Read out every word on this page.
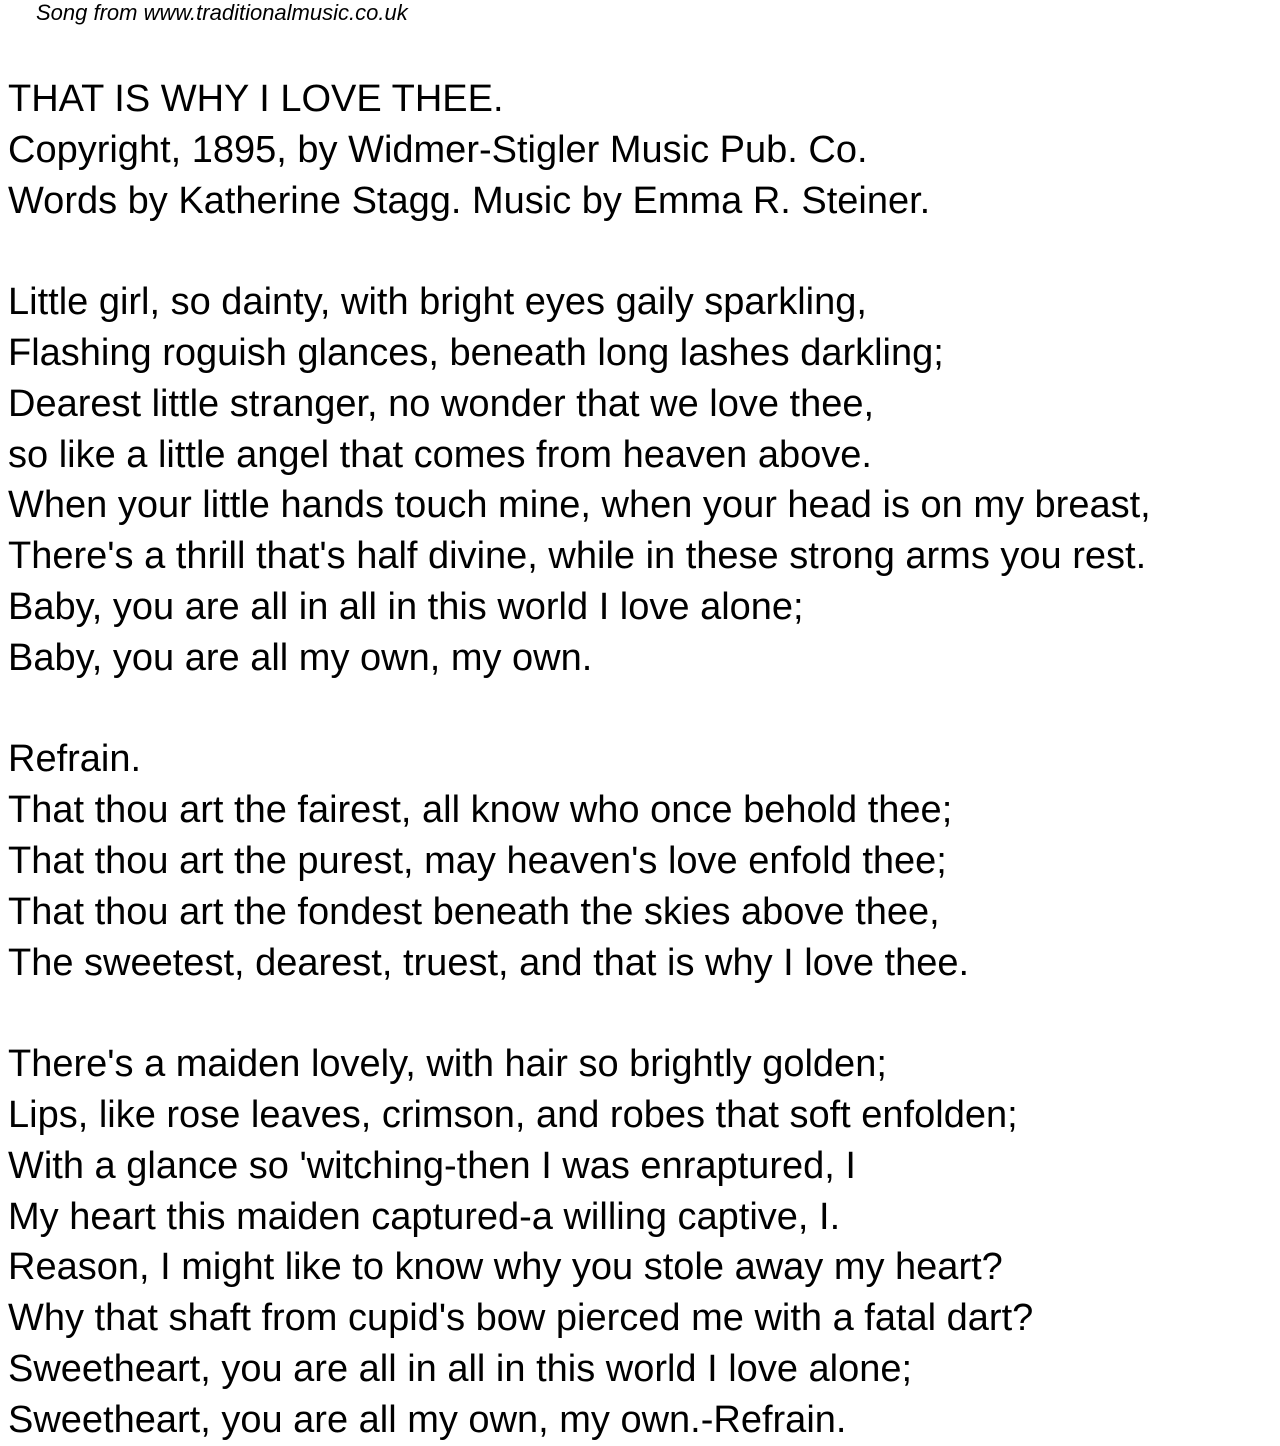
Song from www.traditionalmusic.co.uk
THAT IS WHY I LOVE THEE.
Copyright, 1895, by Widmer-Stigler Music Pub. Co.
Words by Katherine Stagg. Music by Emma R. Steiner.
Little girl, so dainty, with bright eyes gaily sparkling,
Flashing roguish glances, beneath long lashes darkling;
Dearest little stranger, no wonder that we love thee,
so like a little angel that comes from heaven above.
When your little hands touch mine, when your head is on my breast,
There's a thrill that's half divine, while in these strong arms you rest.
Baby, you are all in all in this world I love alone;
Baby, you are all my own, my own.
Refrain.
That thou art the fairest, all know who once behold thee;
That thou art the purest, may heaven's love enfold thee;
That thou art the fondest beneath the skies above thee,
The sweetest, dearest, truest, and that is why I love thee.
There's a maiden lovely, with hair so brightly golden;
Lips, like rose leaves, crimson, and robes that soft enfolden;
With a glance so 'witching-then I was enraptured, I
My heart this maiden captured-a willing captive, I.
Reason, I might like to know why you stole away my heart?
Why that shaft from cupid's bow pierced me with a fatal dart?
Sweetheart, you are all in all in this world I love alone;
Sweetheart, you are all my own, my own.-Refrain.
